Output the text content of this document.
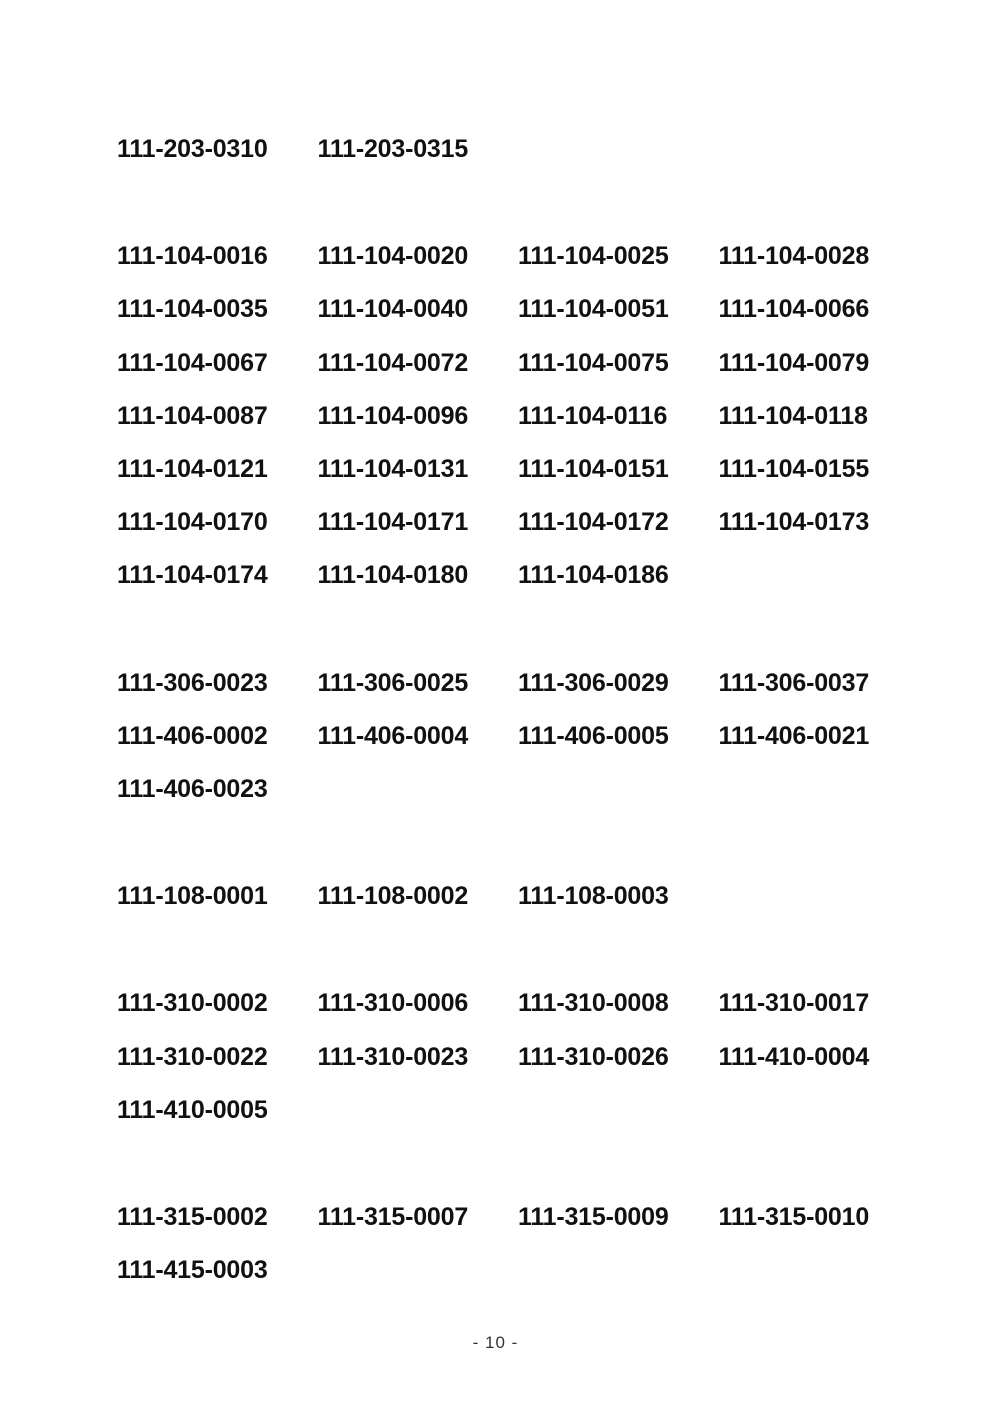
111-203-0310	111-203-0315
111-104-0016	111-104-0020	111-104-0025	111-104-0028
111-104-0035	111-104-0040	111-104-0051	111-104-0066
111-104-0067	111-104-0072	111-104-0075	111-104-0079
111-104-0087	111-104-0096	111-104-0116	111-104-0118
111-104-0121	111-104-0131	111-104-0151	111-104-0155
111-104-0170	111-104-0171	111-104-0172	111-104-0173
111-104-0174	111-104-0180	111-104-0186
111-306-0023	111-306-0025	111-306-0029	111-306-0037
111-406-0002	111-406-0004	111-406-0005	111-406-0021
111-406-0023
111-108-0001	111-108-0002	111-108-0003
111-310-0002	111-310-0006	111-310-0008	111-310-0017
111-310-0022	111-310-0023	111-310-0026	111-410-0004
111-410-0005
111-315-0002	111-315-0007	111-315-0009	111-315-0010
111-415-0003
- 10 -
